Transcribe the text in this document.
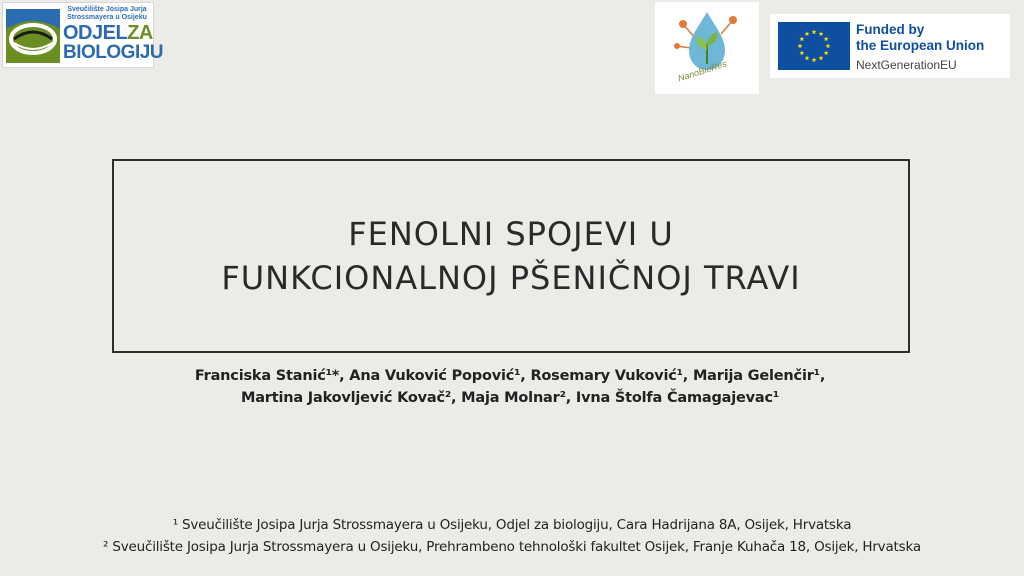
Sveučilište Josipa Jurja Strossmayera u Osijeku
ODJELZA
BIOLOGIJU
NanoBioRes
Funded by
the European Union
NextGenerationEU
FENOLNI SPOJEVI U
FUNKCIONALNOJ PŠENIČNOJ TRAVI
Franciska Stanić¹*, Ana Vuković Popović¹, Rosemary Vuković¹, Marija Gelenčir¹,
Martina Jakovljević Kovač², Maja Molnar², Ivna Štolfa Čamagajevac¹
¹ Sveučilište Josipa Jurja Strossmayera u Osijeku, Odjel za biologiju, Cara Hadrijana 8A, Osijek, Hrvatska
² Sveučilište Josipa Jurja Strossmayera u Osijeku, Prehrambeno tehnološki fakultet Osijek, Franje Kuhača 18, Osijek, Hrvatska
